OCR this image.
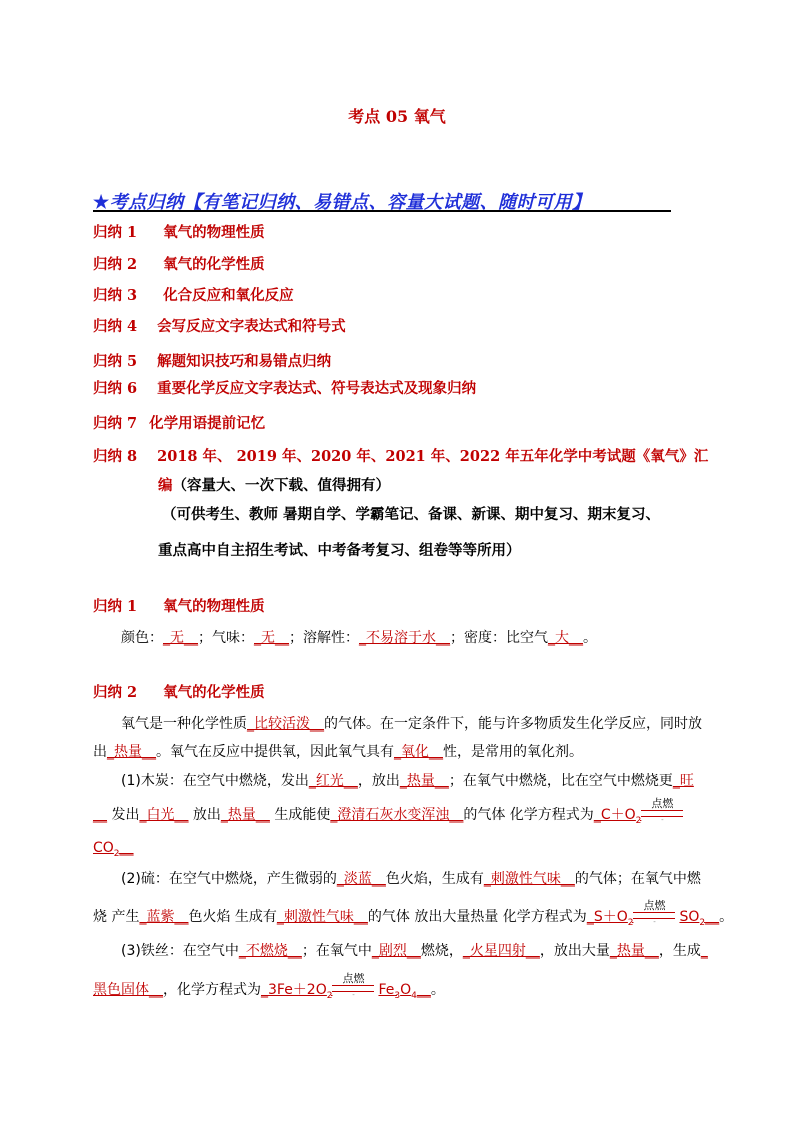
考点 05 氧气
★考点归纳【有笔记归纳、易错点、容量大试题、随时可用】
归纳 1 氧气的物理性质
归纳 2 氧气的化学性质
归纳 3 化合反应和氧化反应
归纳 4 会写反应文字表达式和符号式
归纳 5 解题知识技巧和易错点归纳
归纳 6 重要化学反应文字表达式、符号表达式及现象归纳
归纳 7 化学用语提前记忆
归纳 8 2018 年、 2019 年、2020 年、2021 年、2022 年五年化学中考试题《氧气》汇
编（容量大、一次下载、值得拥有）
（可供考生、教师 暑期自学、学霸笔记、备课、新课、期中复习、期末复习、
重点高中自主招生考试、中考备考复习、组卷等等所用）
归纳 1 氧气的物理性质
颜色：_无__；气味：_无__；溶解性：_不易溶于水__；密度：比空气_大__。
归纳 2 氧气的化学性质
氧气是一种化学性质_比较活泼__的气体。在一定条件下，能与许多物质发生化学反应，同时放
出_热量__。氧气在反应中提供氧，因此氧气具有_氧化__性，是常用的氧化剂。
(1)木炭：在空气中燃烧，发出_红光__，放出_热量__；在氧气中燃烧，比在空气中燃烧更_旺
__ 发出_白光__ 放出_热量__ 生成能使_澄清石灰水变浑浊__的气体 化学方程式为$\_C+O_2$
点燃
-
$CO_2\_\_$
(2)硫：在空气中燃烧，产生微弱的_淡蓝__色火焰，生成有_刺激性气味__的气体；在氧气中燃
烧 产生_蓝紫__色火焰 生成有_刺激性气味__的气体 放出大量热量 化学方程式为$\_S+O_2$
点燃
-	$SO_2\_\_$。
(3)铁丝：在空气中_不燃烧__；在氧气中_剧烈__燃烧，_火星四射__，放出大量_热量__，生成_
黑色固体__，化学方程式为$\_3Fe+2O_2$
点燃
-	$Fe_3O_4\_\_$。
